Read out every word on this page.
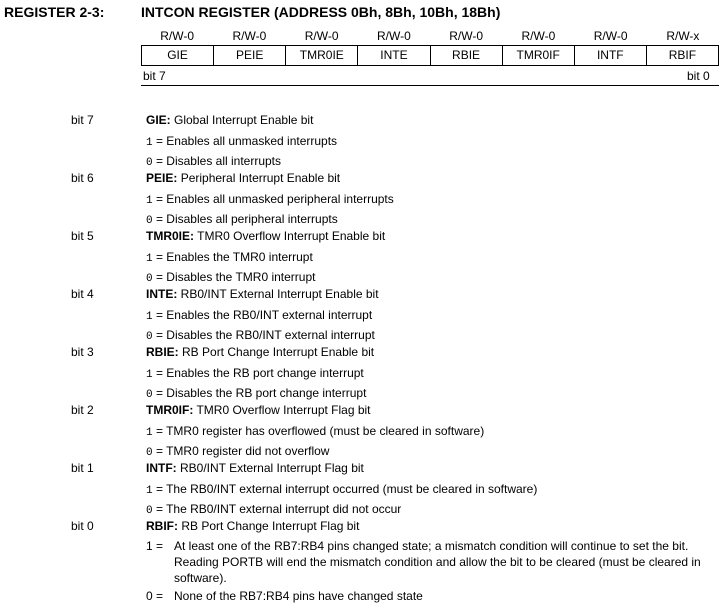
REGISTER 2-3:	INTCON REGISTER (ADDRESS 0Bh, 8Bh, 10Bh, 18Bh)
R/W-0	R/W-0	R/W-0	R/W-0	R/W-0	R/W-0	R/W-0	R/W-x
GIE	PEIE	TMR0IE	INTE	RBIE	TMR0IF	INTF	RBIF
bit 7	bit 0
bit 7	GIE: Global Interrupt Enable bit
1 = Enables all unmasked interrupts
0 = Disables all interrupts
bit 6	PEIE: Peripheral Interrupt Enable bit
1 = Enables all unmasked peripheral interrupts
0 = Disables all peripheral interrupts
bit 5	TMR0IE: TMR0 Overflow Interrupt Enable bit
1 = Enables the TMR0 interrupt
0 = Disables the TMR0 interrupt
bit 4	INTE: RB0/INT External Interrupt Enable bit
1 = Enables the RB0/INT external interrupt
0 = Disables the RB0/INT external interrupt
bit 3	RBIE: RB Port Change Interrupt Enable bit
1 = Enables the RB port change interrupt
0 = Disables the RB port change interrupt
bit 2	TMR0IF: TMR0 Overflow Interrupt Flag bit
1 = TMR0 register has overflowed (must be cleared in software)
0 = TMR0 register did not overflow
bit 1	INTF: RB0/INT External Interrupt Flag bit
1 = The RB0/INT external interrupt occurred (must be cleared in software)
0 = The RB0/INT external interrupt did not occur
bit 0	RBIF: RB Port Change Interrupt Flag bit
1 = At least one of the RB7:RB4 pins changed state; a mismatch condition will continue to set the bit. Reading PORTB will end the mismatch condition and allow the bit to be cleared (must be cleared in software).
0 = None of the RB7:RB4 pins have changed state
